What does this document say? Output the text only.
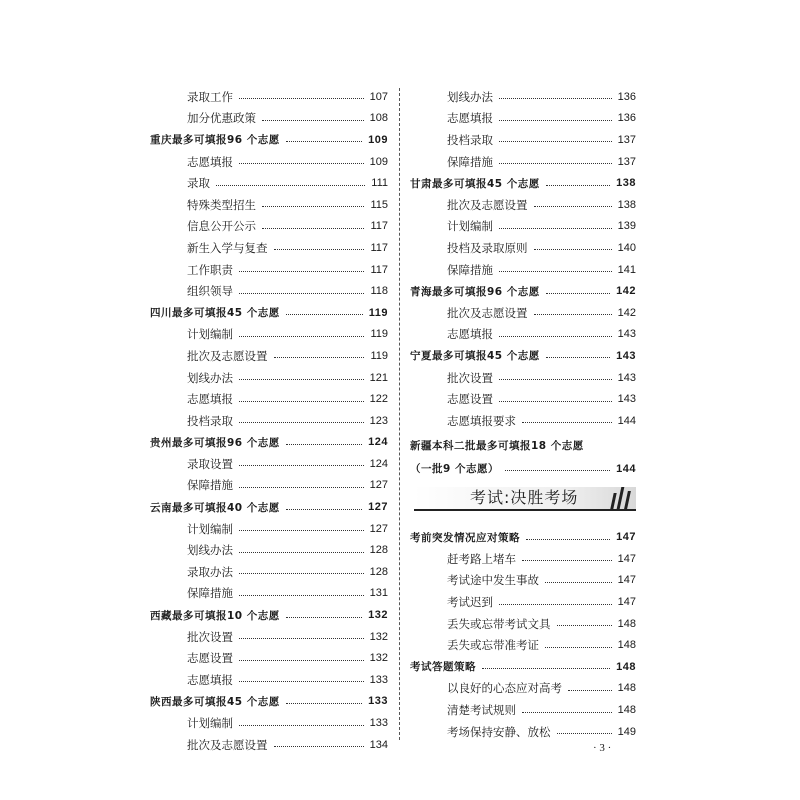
录取工作	107
加分优惠政策	108
重庆最多可填报96 个志愿	109
志愿填报	109
录取	111
特殊类型招生	115
信息公开公示	117
新生入学与复查	117
工作职责	117
组织领导	118
四川最多可填报45 个志愿	119
计划编制	119
批次及志愿设置	119
划线办法	121
志愿填报	122
投档录取	123
贵州最多可填报96 个志愿	124
录取设置	124
保障措施	127
云南最多可填报40 个志愿	127
计划编制	127
划线办法	128
录取办法	128
保障措施	131
西藏最多可填报10 个志愿	132
批次设置	132
志愿设置	132
志愿填报	133
陕西最多可填报45 个志愿	133
计划编制	133
批次及志愿设置	134
划线办法	136
志愿填报	136
投档录取	137
保障措施	137
甘肃最多可填报45 个志愿	138
批次及志愿设置	138
计划编制	139
投档及录取原则	140
保障措施	141
青海最多可填报96 个志愿	142
批次及志愿设置	142
志愿填报	143
宁夏最多可填报45 个志愿	143
批次设置	143
志愿设置	143
志愿填报要求	144
新疆本科二批最多可填报18 个志愿
（一批9 个志愿）	144
考试:决胜考场
考前突发情况应对策略	147
赶考路上堵车	147
考试途中发生事故	147
考试迟到	147
丢失或忘带考试文具	148
丢失或忘带准考证	148
考试答题策略	148
以良好的心态应对高考	148
清楚考试规则	148
考场保持安静、放松	149
· 3 ·
